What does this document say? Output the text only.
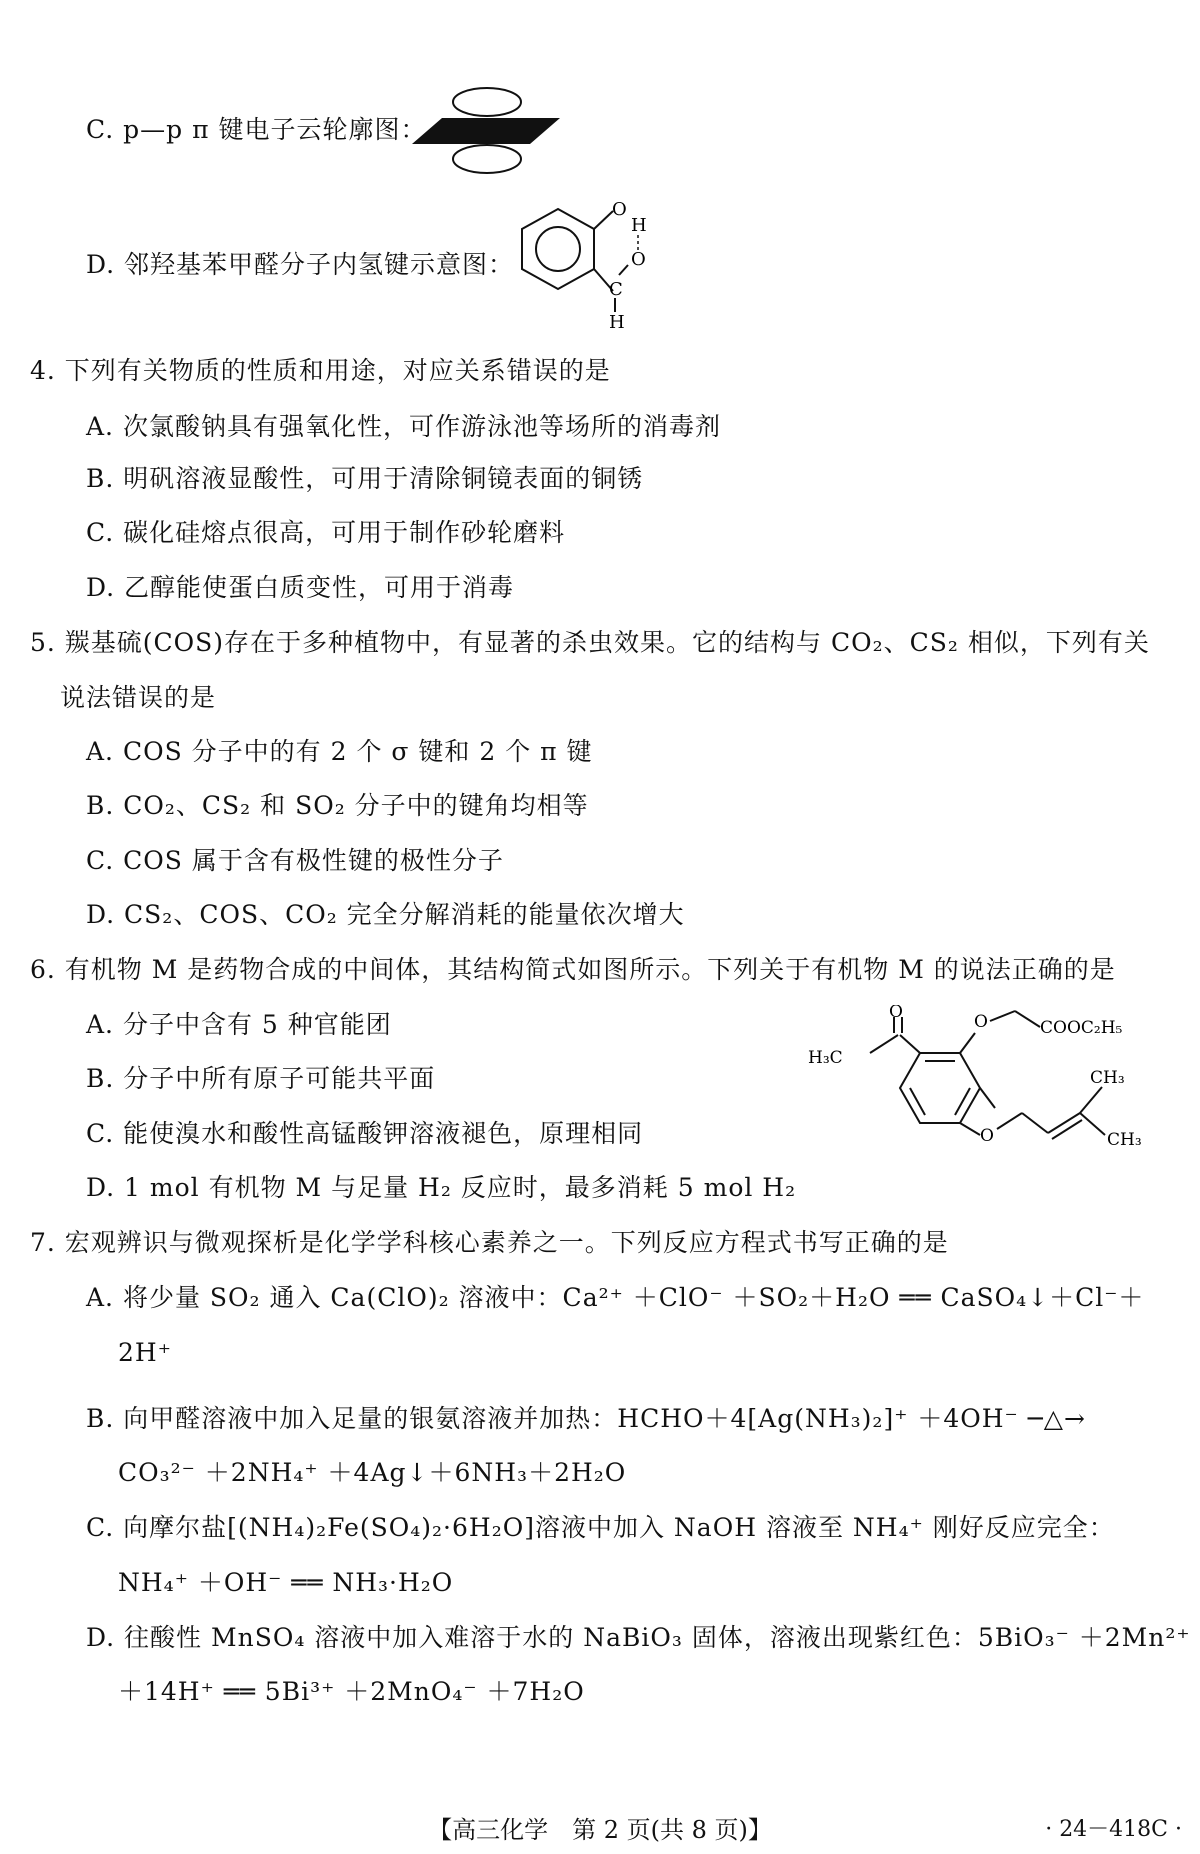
C. p—p π 键电子云轮廓图：
D. 邻羟基苯甲醛分子内氢键示意图：
O
H
O
C
H
4. 下列有关物质的性质和用途，对应关系错误的是
A. 次氯酸钠具有强氧化性，可作游泳池等场所的消毒剂
B. 明矾溶液显酸性，可用于清除铜镜表面的铜锈
C. 碳化硅熔点很高，可用于制作砂轮磨料
D. 乙醇能使蛋白质变性，可用于消毒
5. 羰基硫(COS)存在于多种植物中，有显著的杀虫效果。它的结构与 CO₂、CS₂ 相似，下列有关
说法错误的是
A. COS 分子中的有 2 个 σ 键和 2 个 π 键
B. CO₂、CS₂ 和 SO₂ 分子中的键角均相等
C. COS 属于含有极性键的极性分子
D. CS₂、COS、CO₂ 完全分解消耗的能量依次增大
6. 有机物 M 是药物合成的中间体，其结构简式如图所示。下列关于有机物 M 的说法正确的是
A. 分子中含有 5 种官能团
B. 分子中所有原子可能共平面
C. 能使溴水和酸性高锰酸钾溶液褪色，原理相同
D. 1 mol 有机物 M 与足量 H₂ 反应时，最多消耗 5 mol H₂
O
H₃C
O	COOC₂H₅
O
CH₃
CH₃
7. 宏观辨识与微观探析是化学学科核心素养之一。下列反应方程式书写正确的是
A. 将少量 SO₂ 通入 Ca(ClO)₂ 溶液中：Ca²⁺ ＋ClO⁻ ＋SO₂＋H₂O ══ CaSO₄↓＋Cl⁻＋
2H⁺
B. 向甲醛溶液中加入足量的银氨溶液并加热：HCHO＋4[Ag(NH₃)₂]⁺ ＋4OH⁻ ─△→
CO₃²⁻ ＋2NH₄⁺ ＋4Ag↓＋6NH₃＋2H₂O
C. 向摩尔盐[(NH₄)₂Fe(SO₄)₂·6H₂O]溶液中加入 NaOH 溶液至 NH₄⁺ 刚好反应完全：
NH₄⁺ ＋OH⁻ ══ NH₃·H₂O
D. 往酸性 MnSO₄ 溶液中加入难溶于水的 NaBiO₃ 固体，溶液出现紫红色：5BiO₃⁻ ＋2Mn²⁺
＋14H⁺ ══ 5Bi³⁺ ＋2MnO₄⁻ ＋7H₂O
【高三化学　第 2 页(共 8 页)】	· 24－418C ·
